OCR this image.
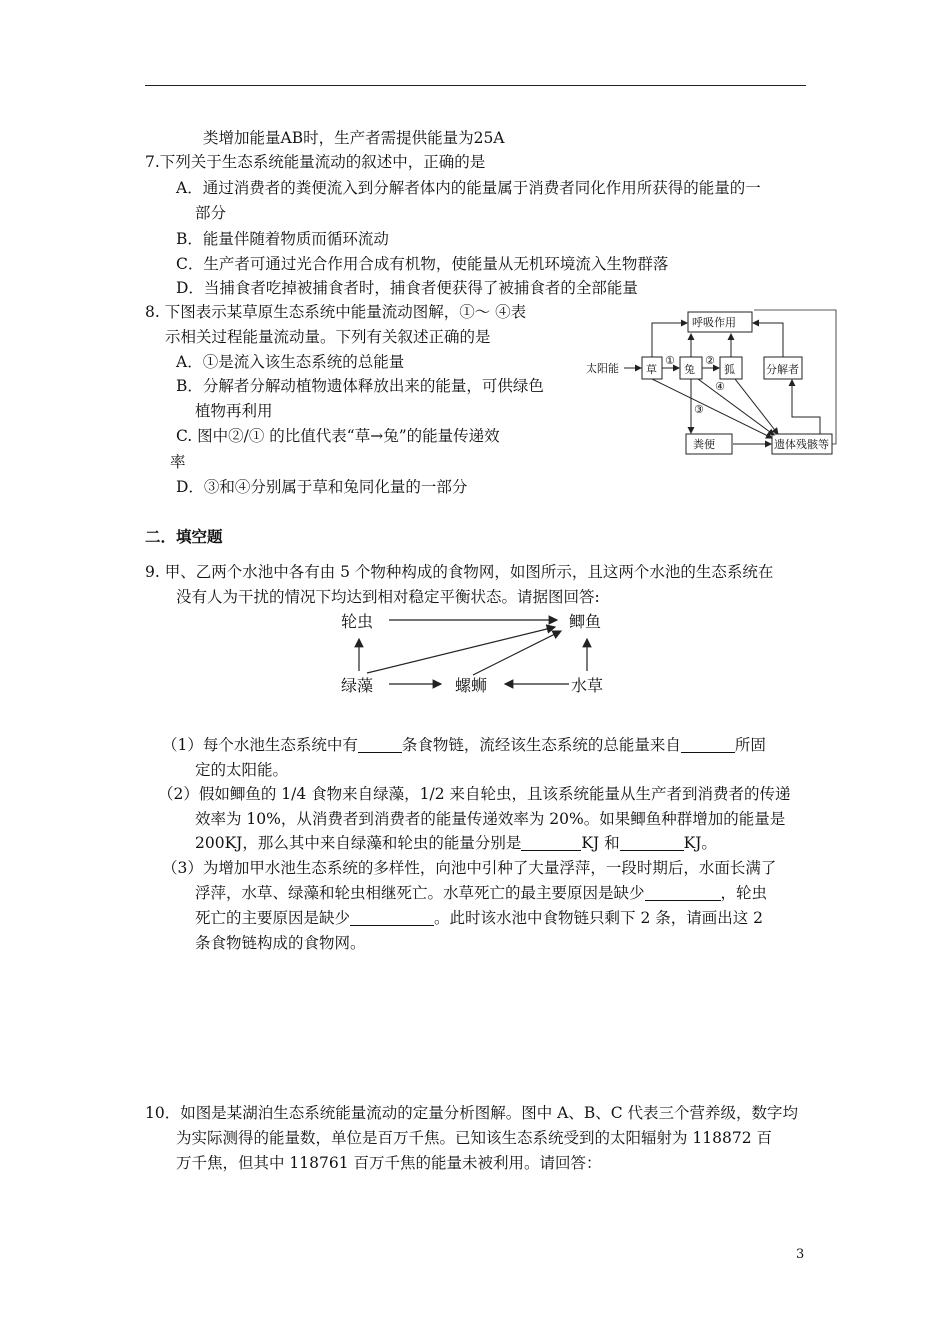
类增加能量AB时，生产者需提供能量为25A
7.下列关于生态系统能量流动的叙述中，正确的是
A．通过消费者的粪便流入到分解者体内的能量属于消费者同化作用所获得的能量的一
部分
B．能量伴随着物质而循环流动
C．生产者可通过光合作用合成有机物，使能量从无机环境流入生物群落
D．当捕食者吃掉被捕食者时，捕食者便获得了被捕食者的全部能量
8. 下图表示某草原生态系统中能量流动图解，①～ ④表
示相关过程能量流动量。下列有关叙述正确的是
A．①是流入该生态系统的总能量
B．分解者分解动植物遗体释放出来的能量，可供绿色
植物再利用
C. 图中②/① 的比值代表“草→兔”的能量传递效
率
D．③和④分别属于草和兔同化量的一部分
呼吸作用
太阳能 草 兔	狐	分解者
粪便	遗体残骸等
①	②
③
④
二．填空题
9. 甲、乙两个水池中各有由 5 个物种构成的食物网，如图所示，且这两个水池的生态系统在
没有人为干扰的情况下均达到相对稳定平衡状态。请据图回答:
轮虫	鲫鱼
绿藻	螺蛳	水草
（1）每个水池生态系统中有	条食物链，流经该生态系统的总能量来自	所固
定的太阳能。
（2）假如鲫鱼的 1/4 食物来自绿藻，1/2 来自轮虫，且该系统能量从生产者到消费者的传递
效率为 10%，从消费者到消费者的能量传递效率为 20%。如果鲫鱼种群增加的能量是
200KJ，那么其中来自绿藻和轮虫的能量分别是	KJ 和	KJ。
（3）为增加甲水池生态系统的多样性，向池中引种了大量浮萍，一段时期后，水面长满了
浮萍，水草、绿藻和轮虫相继死亡。水草死亡的最主要原因是缺少	，轮虫
死亡的主要原因是缺少	。此时该水池中食物链只剩下 2 条，请画出这 2
条食物链构成的食物网。
10．如图是某湖泊生态系统能量流动的定量分析图解。图中 A、B、C 代表三个营养级，数字均
为实际测得的能量数，单位是百万千焦。已知该生态系统受到的太阳辐射为 118872 百
万千焦，但其中 118761 百万千焦的能量未被利用。请回答：
3
